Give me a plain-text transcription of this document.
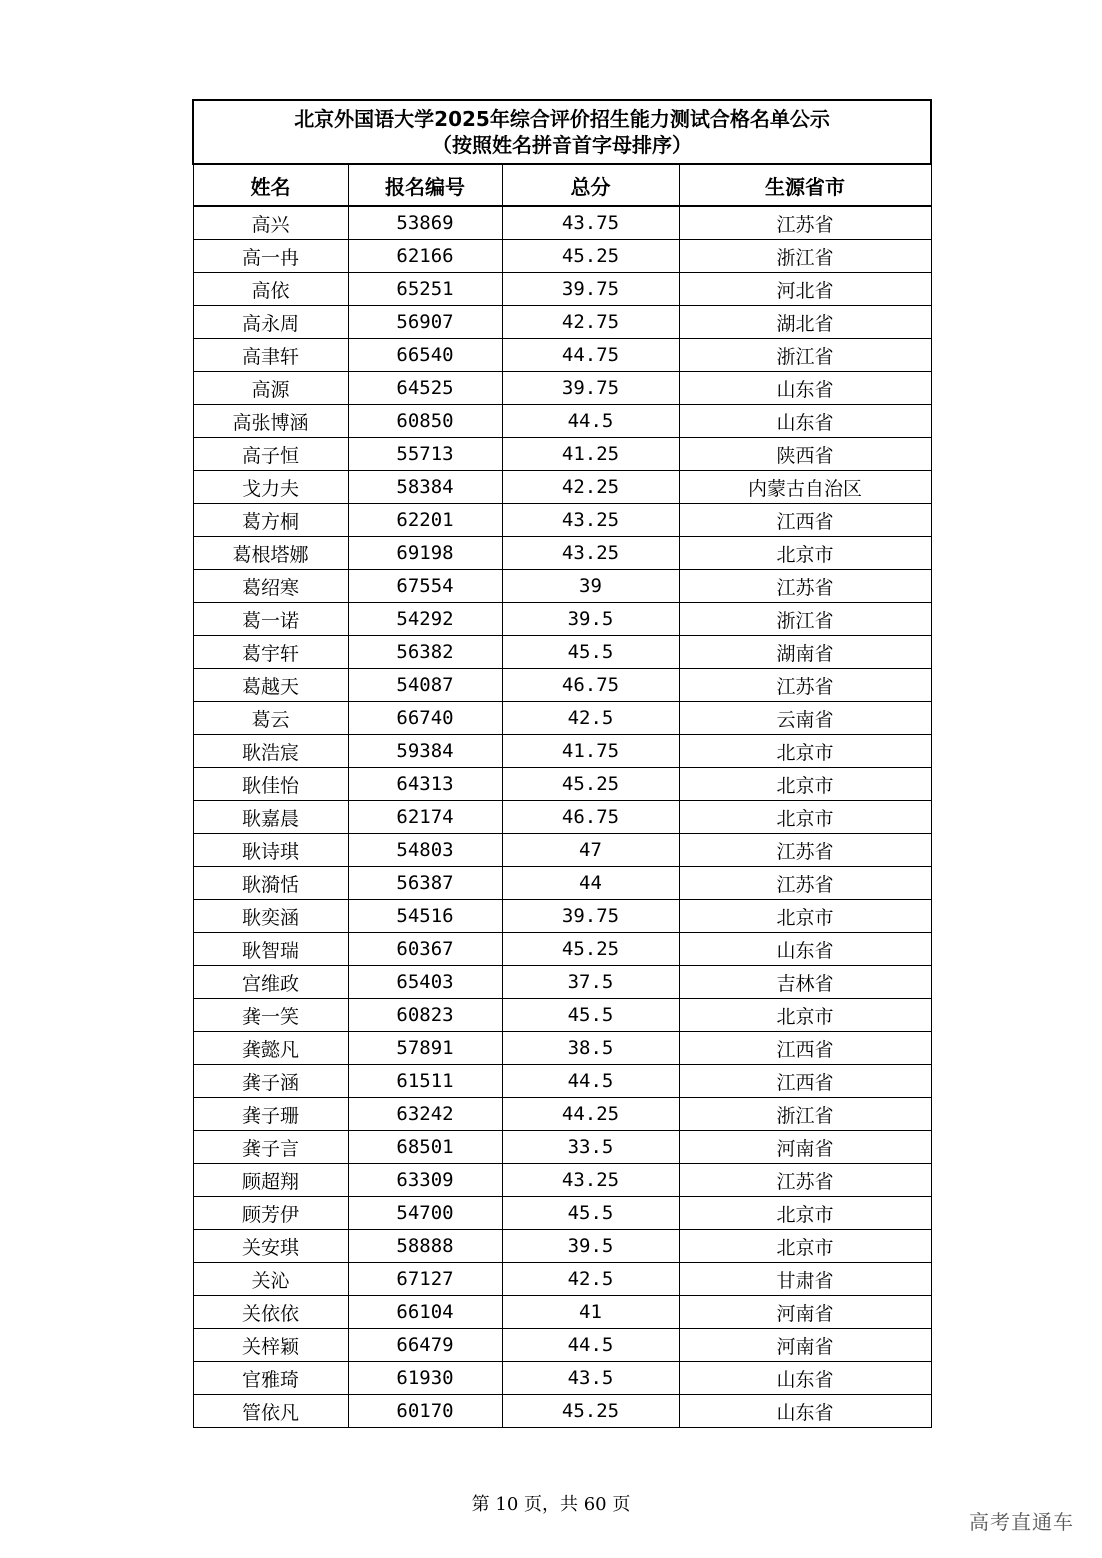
北京外国语大学2025年综合评价招生能力测试合格名单公示
（按照姓名拼音首字母排序）			

姓名	报名编号	总分	生源省市
高兴	53869	43.75	江苏省
高一冉	62166	45.25	浙江省
高依	65251	39.75	河北省
高永周	56907	42.75	湖北省
高聿轩	66540	44.75	浙江省
高源	64525	39.75	山东省
高张博涵	60850	44.5	山东省
高子恒	55713	41.25	陕西省
戈力夫	58384	42.25	内蒙古自治区
葛方桐	62201	43.25	江西省
葛根塔娜	69198	43.25	北京市
葛绍寒	67554	39	江苏省
葛一诺	54292	39.5	浙江省
葛宇轩	56382	45.5	湖南省
葛越天	54087	46.75	江苏省
葛云	66740	42.5	云南省
耿浩宸	59384	41.75	北京市
耿佳怡	64313	45.25	北京市
耿嘉晨	62174	46.75	北京市
耿诗琪	54803	47	江苏省
耿漪恬	56387	44	江苏省
耿奕涵	54516	39.75	北京市
耿智瑞	60367	45.25	山东省
宫维政	65403	37.5	吉林省
龚一笑	60823	45.5	北京市
龚懿凡	57891	38.5	江西省
龚子涵	61511	44.5	江西省
龚子珊	63242	44.25	浙江省
龚子言	68501	33.5	河南省
顾超翔	63309	43.25	江苏省
顾芳伊	54700	45.5	北京市
关安琪	58888	39.5	北京市
关沁	67127	42.5	甘肃省
关依依	66104	41	河南省
关梓颖	66479	44.5	河南省
官雅琦	61930	43.5	山东省
管依凡	60170	45.25	山东省
第 10 页，共 60 页
高考直通车
